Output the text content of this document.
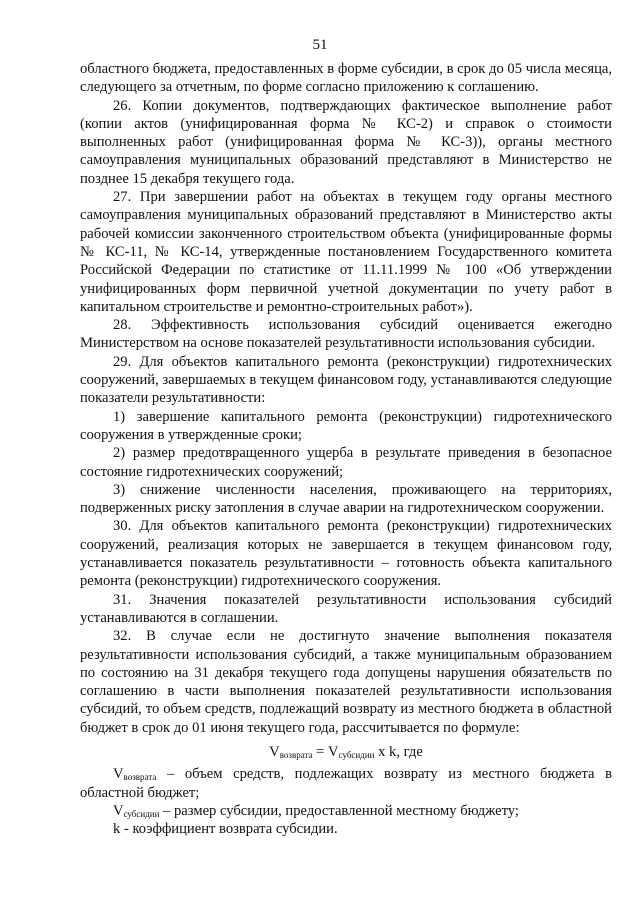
51

областного бюджета, предоставленных в форме субсидии, в срок до 05 числа месяца, следующего за отчетным, по форме согласно приложению к соглашению.

26. Копии документов, подтверждающих фактическое выполнение работ (копии актов (унифицированная форма № КС-2) и справок о стоимости выполненных работ (унифицированная форма № КС-3)), органы местного самоуправления муниципальных образований представляют в Министерство не позднее 15 декабря текущего года.

27. При завершении работ на объектах в текущем году органы местного самоуправления муниципальных образований представляют в Министерство акты рабочей комиссии законченного строительством объекта (унифицированные формы № КС-11, № КС-14, утвержденные постановлением Государственного комитета Российской Федерации по статистике от 11.11.1999 № 100 «Об утверждении унифицированных форм первичной учетной документации по учету работ в капитальном строительстве и ремонтно-строительных работ»).

28. Эффективность использования субсидий оценивается ежегодно Министерством на основе показателей результативности использования субсидии.

29. Для объектов капитального ремонта (реконструкции) гидротехнических сооружений, завершаемых в текущем финансовом году, устанавливаются следующие показатели результативности:

1) завершение капитального ремонта (реконструкции) гидротехнического сооружения в утвержденные сроки;

2) размер предотвращенного ущерба в результате приведения в безопасное состояние гидротехнических сооружений;

3) снижение численности населения, проживающего на территориях, подверженных риску затопления в случае аварии на гидротехническом сооружении.

30. Для объектов капитального ремонта (реконструкции) гидротехнических сооружений, реализация которых не завершается в текущем финансовом году, устанавливается показатель результативности – готовность объекта капитального ремонта (реконструкции) гидротехнического сооружения.

31. Значения показателей результативности использования субсидий устанавливаются в соглашении.

32. В случае если не достигнуто значение выполнения показателя результативности использования субсидий, а также муниципальным образованием по состоянию на 31 декабря текущего года допущены нарушения обязательств по соглашению в части выполнения показателей результативности использования субсидий, то объем средств, подлежащий возврату из местного бюджета в областной бюджет в срок до 01 июня текущего года, рассчитывается по формуле:

$V_{возврата} = V_{субсидии}$ x k, где

$V_{возврата}$ – объем средств, подлежащих возврату из местного бюджета в областной бюджет;

$V_{субсидии}$ – размер субсидии, предоставленной местному бюджету;

k - коэффициент возврата субсидии.
